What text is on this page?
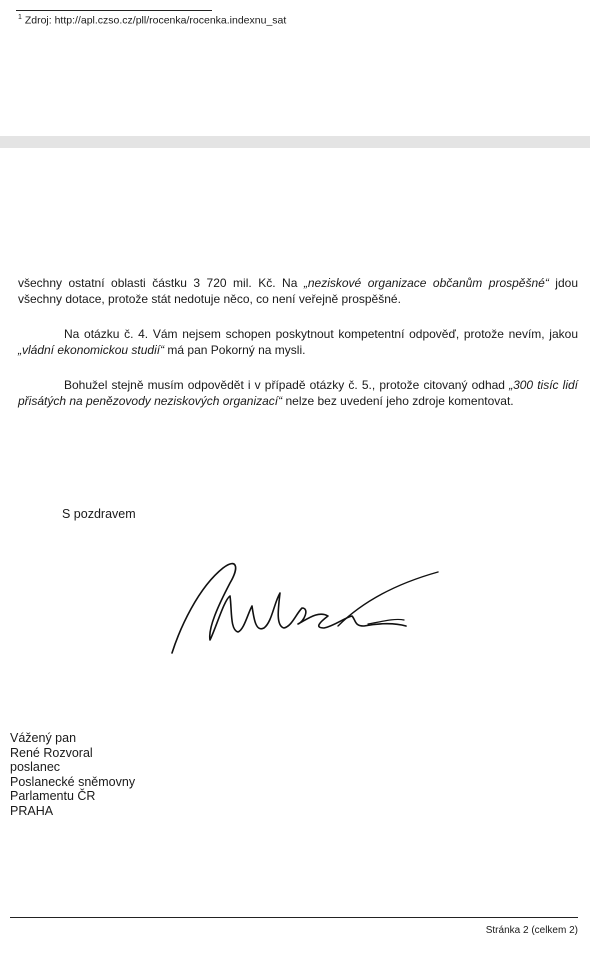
$^1$ Zdroj: http://apl.czso.cz/pll/rocenka/rocenka.indexnu_sat
všechny ostatní oblasti částku 3 720 mil. Kč. Na „neziskové organizace občanům prospěšné“ jdou všechny dotace, protože stát nedotuje něco, co není veřejně prospěšné.
Na otázku č. 4. Vám nejsem schopen poskytnout kompetentní odpověď, protože nevím, jakou „vládní ekonomickou studií“ má pan Pokorný na mysli.
Bohužel stejně musím odpovědět i v případě otázky č. 5., protože citovaný odhad „300 tisíc lidí přisátých na penězovody neziskových organizací“ nelze bez uvedení jeho zdroje komentovat.
S pozdravem
Vážený pan
René Rozvoral
poslanec
Poslanecké sněmovny
Parlamentu ČR
PRAHA
Stránka 2 (celkem 2)
